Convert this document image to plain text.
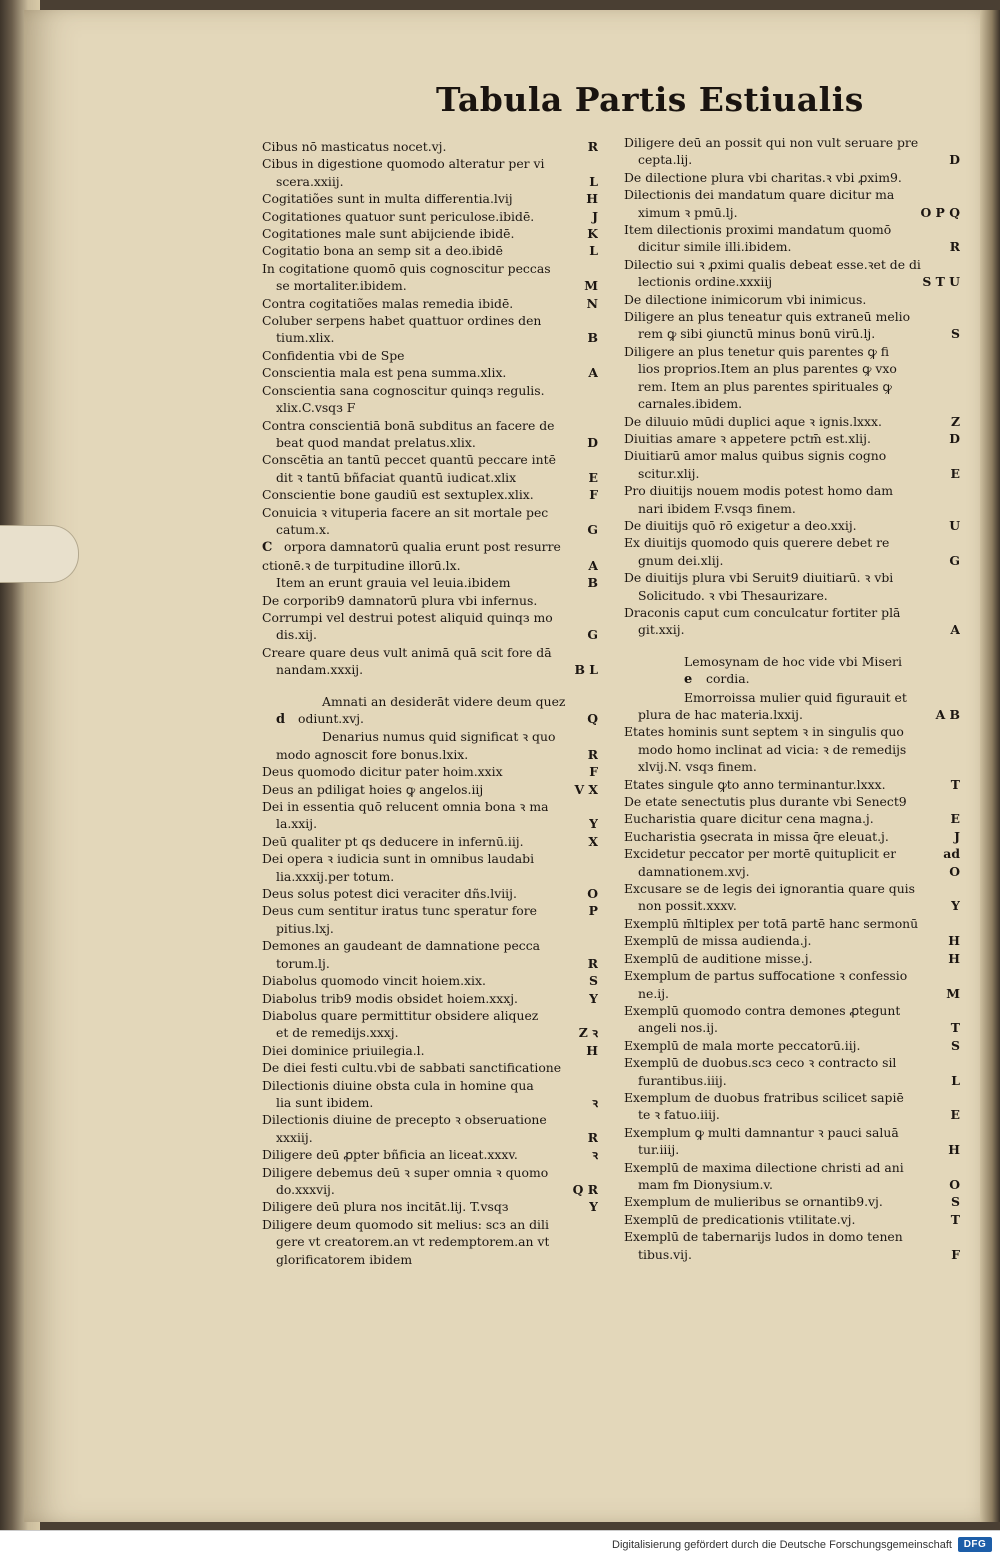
Tabula Partis Estiualis
Cibus nō masticatus nocet.vj.	R
Cibus in digestione quomodo alteratur per vi
scera.xxiij.	L
Cogitatiões sunt in multa differentia.lvij	H
Cogitationes quatuor sunt periculose.ibidē.	J
Cogitationes male sunt abijciende ibidē.	K
Cogitatio bona an semp sit a deo.ibidē	L
In cogitatione quomō quis cognoscitur peccas
se mortaliter.ibidem.	M
Contra cogitatiões malas remedia ibidē.	N
Coluber serpens habet quattuor ordines den
tium.xlix.	B
Confidentia vbi de Spe
Conscientia mala est pena summa.xlix.	A
Conscientia sana cognoscitur quinqз regulis.
xlix.C.vsqз F
Contra conscientiā bonā subditus an facere de
beat quod mandat prelatus.xlix.	D
Conscētia an tantū peccet quantū peccare intē
dit ꝛ tantū bñfaciat quantū iudicat.xlix	E
Conscientie bone gaudiū est sextuplex.xlix.	F
Conuicia ꝛ vituperia facere an sit mortale pec
catum.x.	G
C orpora damnatorū qualia erunt post resurre
ctionē.ꝛ de turpitudine illorū.lx.	A
Item an erunt grauia vel leuia.ibidem	B
De corporib9 damnatorū plura vbi infernus.
Corrumpi vel destrui potest aliquid quinqз mo
dis.xij.	G
Creare quare deus vult animā quā scit fore dā
nandam.xxxij.	B L
Amnati an desiderāt videre deum quez
d odiunt.xvj.	Q
Denarius numus quid significat ꝛ quo
modo agnoscit fore bonus.lxix.	R
Deus quomodo dicitur pater hoim.xxix	F
Deus an pdiligat hoies ꝙ angelos.iij	V X
Dei in essentia quō relucent omnia bona ꝛ ma
la.xxij.	Y
Deū qualiter pt qs deducere in infernū.iij.	X
Dei opera ꝛ iudicia sunt in omnibus laudabi
lia.xxxij.per totum.
Deus solus potest dici veraciter dñs.lviij.	O
Deus cum sentitur iratus tunc speratur fore	P
pitius.lxj.
Demones an gaudeant de damnatione pecca
torum.lj.	R
Diabolus quomodo vincit hoiem.xix.	S
Diabolus trib9 modis obsidet hoiem.xxxj.	Y
Diabolus quare permittitur obsidere aliquez
et de remedijs.xxxj.	Z ꝛ
Diei dominice priuilegia.l.	H
De diei festi cultu.vbi de sabbati sanctificatione
Dilectionis diuine obsta cula in homine qua
lia sunt ibidem.	ꝛ
Dilectionis diuine de precepto ꝛ obseruatione
xxxiij.	R
Diligere deū ꝓpter bñficia an liceat.xxxv.	ꝛ
Diligere debemus deū ꝛ super omnia ꝛ quomo
do.xxxvij.	Q R
Diligere deū plura nos incitāt.lij. T.vsqз	Y
Diligere deum quomodo sit melius: scз an dili
gere vt creatorem.an vt redemptorem.an vt
glorificatorem ibidem
Diligere deū an possit qui non vult seruare pre
cepta.lij.	D
De dilectione plura vbi charitas.ꝛ vbi ꝓxim9.
Dilectionis dei mandatum quare dicitur ma
ximum ꝛ pmū.lj.	O P Q
Item dilectionis proximi mandatum quomō
dicitur simile illi.ibidem.	R
Dilectio sui ꝛ ꝓximi qualis debeat esse.ꝛet de di
lectionis ordine.xxxiij	S T U
De dilectione inimicorum vbi inimicus.
Diligere an plus teneatur quis extraneū melio
rem ꝙ sibi ꝯiunctū minus bonū virū.lj.	S
Diligere an plus tenetur quis parentes ꝙ fi
lios proprios.Item an plus parentes ꝙ vxo
rem. Item an plus parentes spirituales ꝙ
carnales.ibidem.
De diluuio mūdi duplici aque ꝛ ignis.lxxx.	Z
Diuitias amare ꝛ appetere pctm̄ est.xlij.	D
Diuitiarū amor malus quibus signis cogno
scitur.xlij.	E
Pro diuitijs nouem modis potest homo dam
nari ibidem F.vsqз finem.
De diuitijs quō rō exigetur a deo.xxij.	U
Ex diuitijs quomodo quis querere debet re
gnum dei.xlij.	G
De diuitijs plura vbi Seruit9 diuitiarū. ꝛ vbi
Solicitudo. ꝛ vbi Thesaurizare.
Draconis caput cum conculcatur fortiter plā
git.xxij.	A
Lemosynam de hoc vide vbi Miseri
e cordia.
Emorroissa mulier quid figurauit et
plura de hac materia.lxxij.	A B
Etates hominis sunt septem ꝛ in singulis quo
modo homo inclinat ad vicia: ꝛ de remedijs
xlvij.N. vsqз finem.
Etates singule ꝙto anno terminantur.lxxx.	T
De etate senectutis plus durante vbi Senect9
Eucharistia quare dicitur cena magna.j.	E
Eucharistia ꝯsecrata in missa q̄re eleuat.j.	J
Excidetur peccator per mortē quituplicit er	ad
damnationem.xvj.	O
Excusare se de legis dei ignorantia quare quis
non possit.xxxv.	Y
Exemplū m̄ltiplex per totā partē hanc sermonū
Exemplū de missa audienda.j.	H
Exemplū de auditione misse.j.	H
Exemplum de partus suffocatione ꝛ confessio
ne.ij.	M
Exemplū quomodo contra demones ꝓtegunt
angeli nos.ij.	T
Exemplū de mala morte peccatorū.iij.	S
Exemplū de duobus.scз ceco ꝛ contracto sil
furantibus.iiij.	L
Exemplum de duobus fratribus scilicet sapiē
te ꝛ fatuo.iiij.	E
Exemplum ꝙ multi damnantur ꝛ pauci saluā
tur.iiij.	H
Exemplū de maxima dilectione christi ad ani
mam fm Dionysium.v.	O
Exemplum de mulieribus se ornantib9.vj.	S
Exemplū de predicationis vtilitate.vj.	T
Exemplū de tabernarijs ludos in domo tenen
tibus.vij.	F
Digitalisierung gefördert durch die Deutsche Forschungsgemeinschaft	DFG
